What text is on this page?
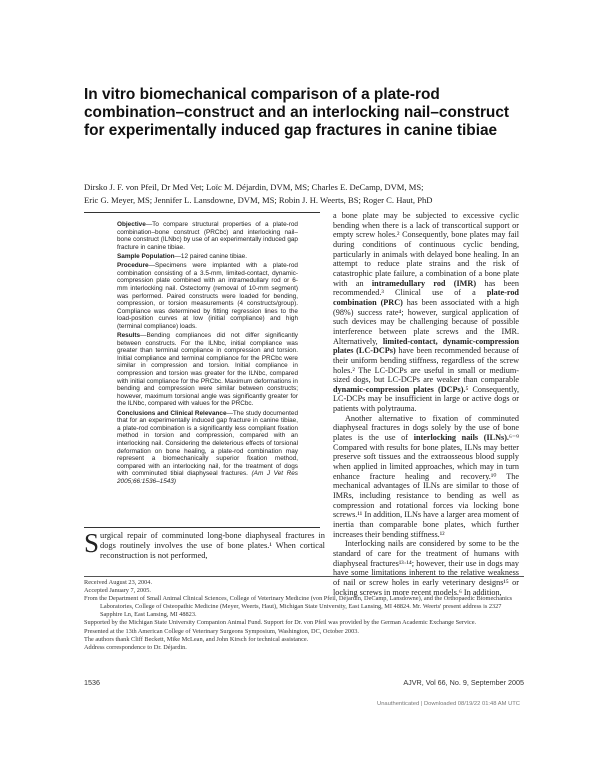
In vitro biomechanical comparison of a plate-rod combination–construct and an interlocking nail–construct for experimentally induced gap fractures in canine tibiae
Dirsko J. F. von Pfeil, Dr Med Vet; Loïc M. Déjardin, DVM, MS; Charles E. DeCamp, DVM, MS;
Eric G. Meyer, MS; Jennifer L. Lansdowne, DVM, MS; Robin J. H. Weerts, BS; Roger C. Haut, PhD

Objective—To compare structural properties of a plate-rod combination–bone construct (PRCbc) and interlocking nail–bone construct (ILNbc) by use of an experimentally induced gap fracture in canine tibiae.

Sample Population—12 paired canine tibiae.

Procedure—Specimens were implanted with a plate-rod combination consisting of a 3.5-mm, limited-contact, dynamic-compression plate combined with an intramedullary rod or 6-mm interlocking nail. Ostectomy (removal of 10-mm segment) was performed. Paired constructs were loaded for bending, compression, or torsion measurements (4 constructs/group). Compliance was determined by fitting regression lines to the load-position curves at low (initial compliance) and high (terminal compliance) loads.

Results—Bending compliances did not differ significantly between constructs. For the ILNbc, initial compliance was greater than terminal compliance in compression and torsion. Initial compliance and terminal compliance for the PRCbc were similar in compression and torsion. Initial compliance in compression and torsion was greater for the ILNbc, compared with initial compliance for the PRCbc. Maximum deformations in bending and compression were similar between constructs; however, maximum torsional angle was significantly greater for the ILNbc, compared with values for the PRCbc.

Conclusions and Clinical Relevance—The study documented that for an experimentally induced gap fracture in canine tibiae, a plate-rod combination is a significantly less compliant fixation method in torsion and compression, compared with an interlocking nail. Considering the deleterious effects of torsional deformation on bone healing, a plate-rod combination may represent a biomechanically superior fixation method, compared with an interlocking nail, for the treatment of dogs with comminuted tibial diaphyseal fractures. (Am J Vet Res 2005;66:1536–1543)

Surgical repair of comminuted long-bone diaphyseal fractures in dogs routinely involves the use of bone plates.¹ When cortical reconstruction is not performed,

a bone plate may be subjected to excessive cyclic bending when there is a lack of transcortical support or empty screw holes.² Consequently, bone plates may fail during conditions of continuous cyclic bending, particularly in animals with delayed bone healing. In an attempt to reduce plate strains and the risk of catastrophic plate failure, a combination of a bone plate with an intramedullary rod (IMR) has been recommended.³ Clinical use of a plate-rod combination (PRC) has been associated with a high (98%) success rate⁴; however, surgical application of such devices may be challenging because of possible interference between plate screws and the IMR. Alternatively, limited-contact, dynamic-compression plates (LC-DCPs) have been recommended because of their uniform bending stiffness, regardless of the screw holes.² The LC-DCPs are useful in small or medium-sized dogs, but LC-DCPs are weaker than comparable dynamic-compression plates (DCPs).⁵ Consequently, LC-DCPs may be insufficient in large or active dogs or patients with polytrauma.

Another alternative to fixation of comminuted diaphyseal fractures in dogs solely by the use of bone plates is the use of interlocking nails (ILNs).⁶⁻⁹ Compared with results for bone plates, ILNs may better preserve soft tissues and the extraosseous blood supply when applied in limited approaches, which may in turn enhance fracture healing and recovery.¹⁰ The mechanical advantages of ILNs are similar to those of IMRs, including resistance to bending as well as compression and rotational forces via locking bone screws.¹¹ In addition, ILNs have a larger area moment of inertia than comparable bone plates, which further increases their bending stiffness.¹²

Interlocking nails are considered by some to be the standard of care for the treatment of humans with diaphyseal fractures¹³·¹⁴; however, their use in dogs may have some limitations inherent to the relative weakness of nail or screw holes in early veterinary designs¹⁵ or locking screws in more recent models.⁶ In addition,

Received August 23, 2004.
Accepted January 7, 2005.
From the Department of Small Animal Clinical Sciences, College of Veterinary Medicine (von Pfeil, Déjardin, DeCamp, Lansdowne), and the Orthopaedic Biomechanics Laboratories, College of Osteopathic Medicine (Meyer, Weerts, Haut), Michigan State University, East Lansing, MI 48824. Mr. Weerts' present address is 2327 Sapphire Ln, East Lansing, MI 48823.
Supported by the Michigan State University Companion Animal Fund. Support for Dr. von Pfeil was provided by the German Academic Exchange Service.
Presented at the 13th American College of Veterinary Surgeons Symposium, Washington, DC, October 2003.
The authors thank Cliff Beckett, Mike McLean, and John Kirsch for technical assistance.
Address correspondence to Dr. Déjardin.
1536	AJVR, Vol 66, No. 9, September 2005
Unauthenticated | Downloaded 08/19/22 01:48 AM UTC
